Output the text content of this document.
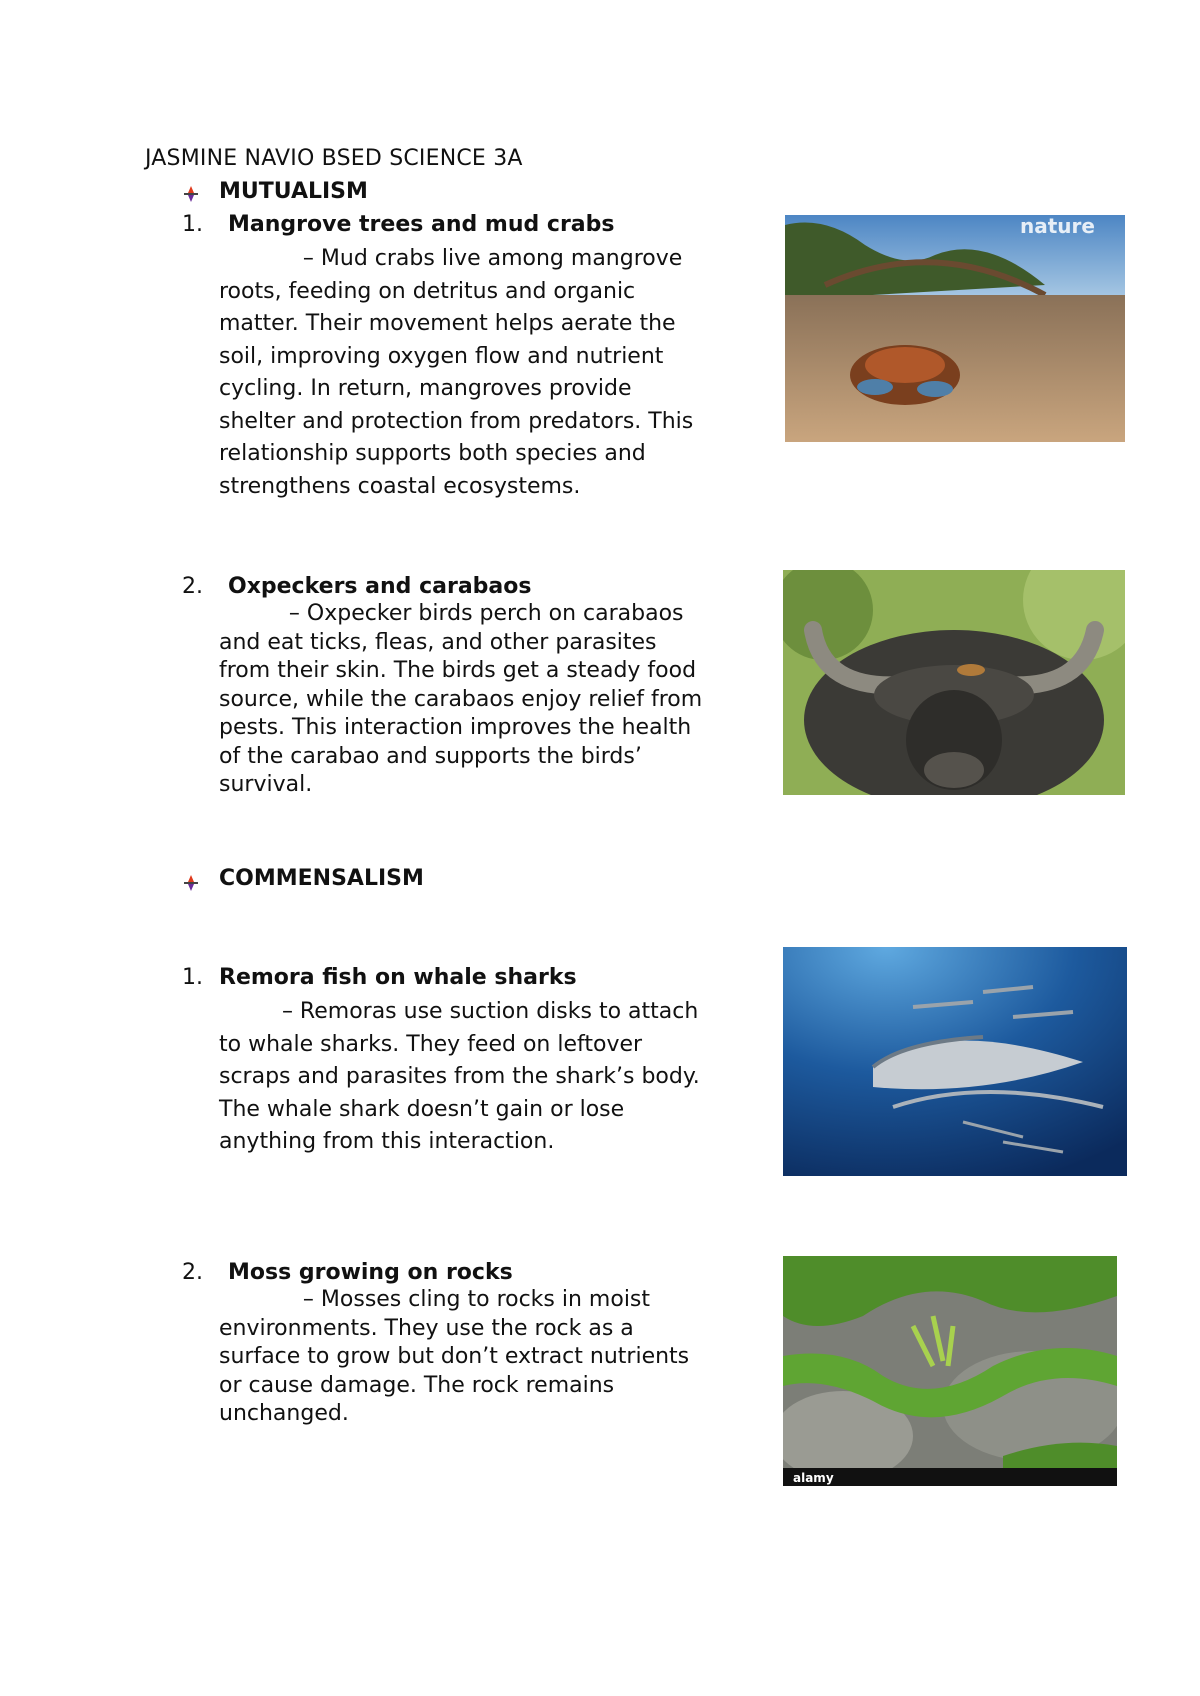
JASMINE NAVIO BSED SCIENCE 3A
MUTUALISM
1. Mangrove trees and mud crabs
– Mud crabs live among mangrove
roots, feeding on detritus and organic
matter. Their movement helps aerate the
soil, improving oxygen flow and nutrient
cycling. In return, mangroves provide
shelter and protection from predators. This
relationship supports both species and
strengthens coastal ecosystems.
nature
2. Oxpeckers and carabaos
– Oxpecker birds perch on carabaos
and eat ticks, fleas, and other parasites
from their skin. The birds get a steady food
source, while the carabaos enjoy relief from
pests. This interaction improves the health
of the carabao and supports the birds’
survival.
COMMENSALISM
1. Remora fish on whale sharks
– Remoras use suction disks to attach
to whale sharks. They feed on leftover
scraps and parasites from the shark’s body.
The whale shark doesn’t gain or lose
anything from this interaction.
2. Moss growing on rocks
– Mosses cling to rocks in moist
environments. They use the rock as a
surface to grow but don’t extract nutrients
or cause damage. The rock remains
unchanged.
alamy
